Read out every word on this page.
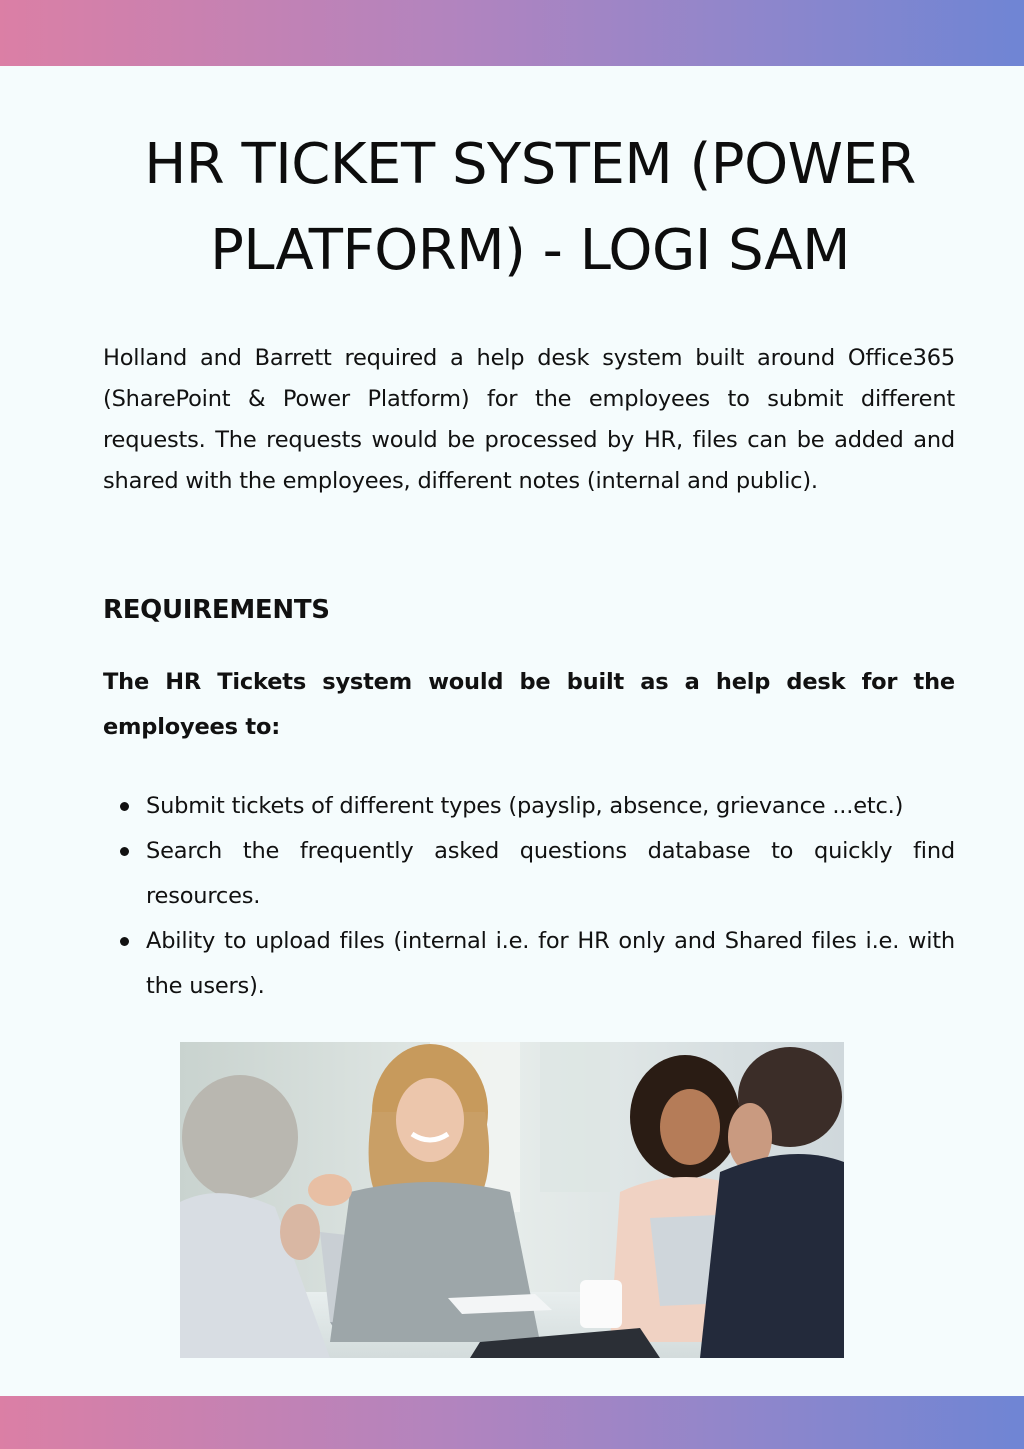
HR TICKET SYSTEM (POWER PLATFORM) - LOGI SAM

Holland and Barrett required a help desk system built around Office365 (SharePoint & Power Platform) for the employees to submit different requests. The requests would be processed by HR, files can be added and shared with the employees, different notes (internal and public).

REQUIREMENTS

The HR Tickets system would be built as a help desk for the employees to:

Submit tickets of different types (payslip, absence, grievance ...etc.)
Search the frequently asked questions database to quickly find resources.
Ability to upload files (internal i.e. for HR only and Shared files i.e. with the users).
